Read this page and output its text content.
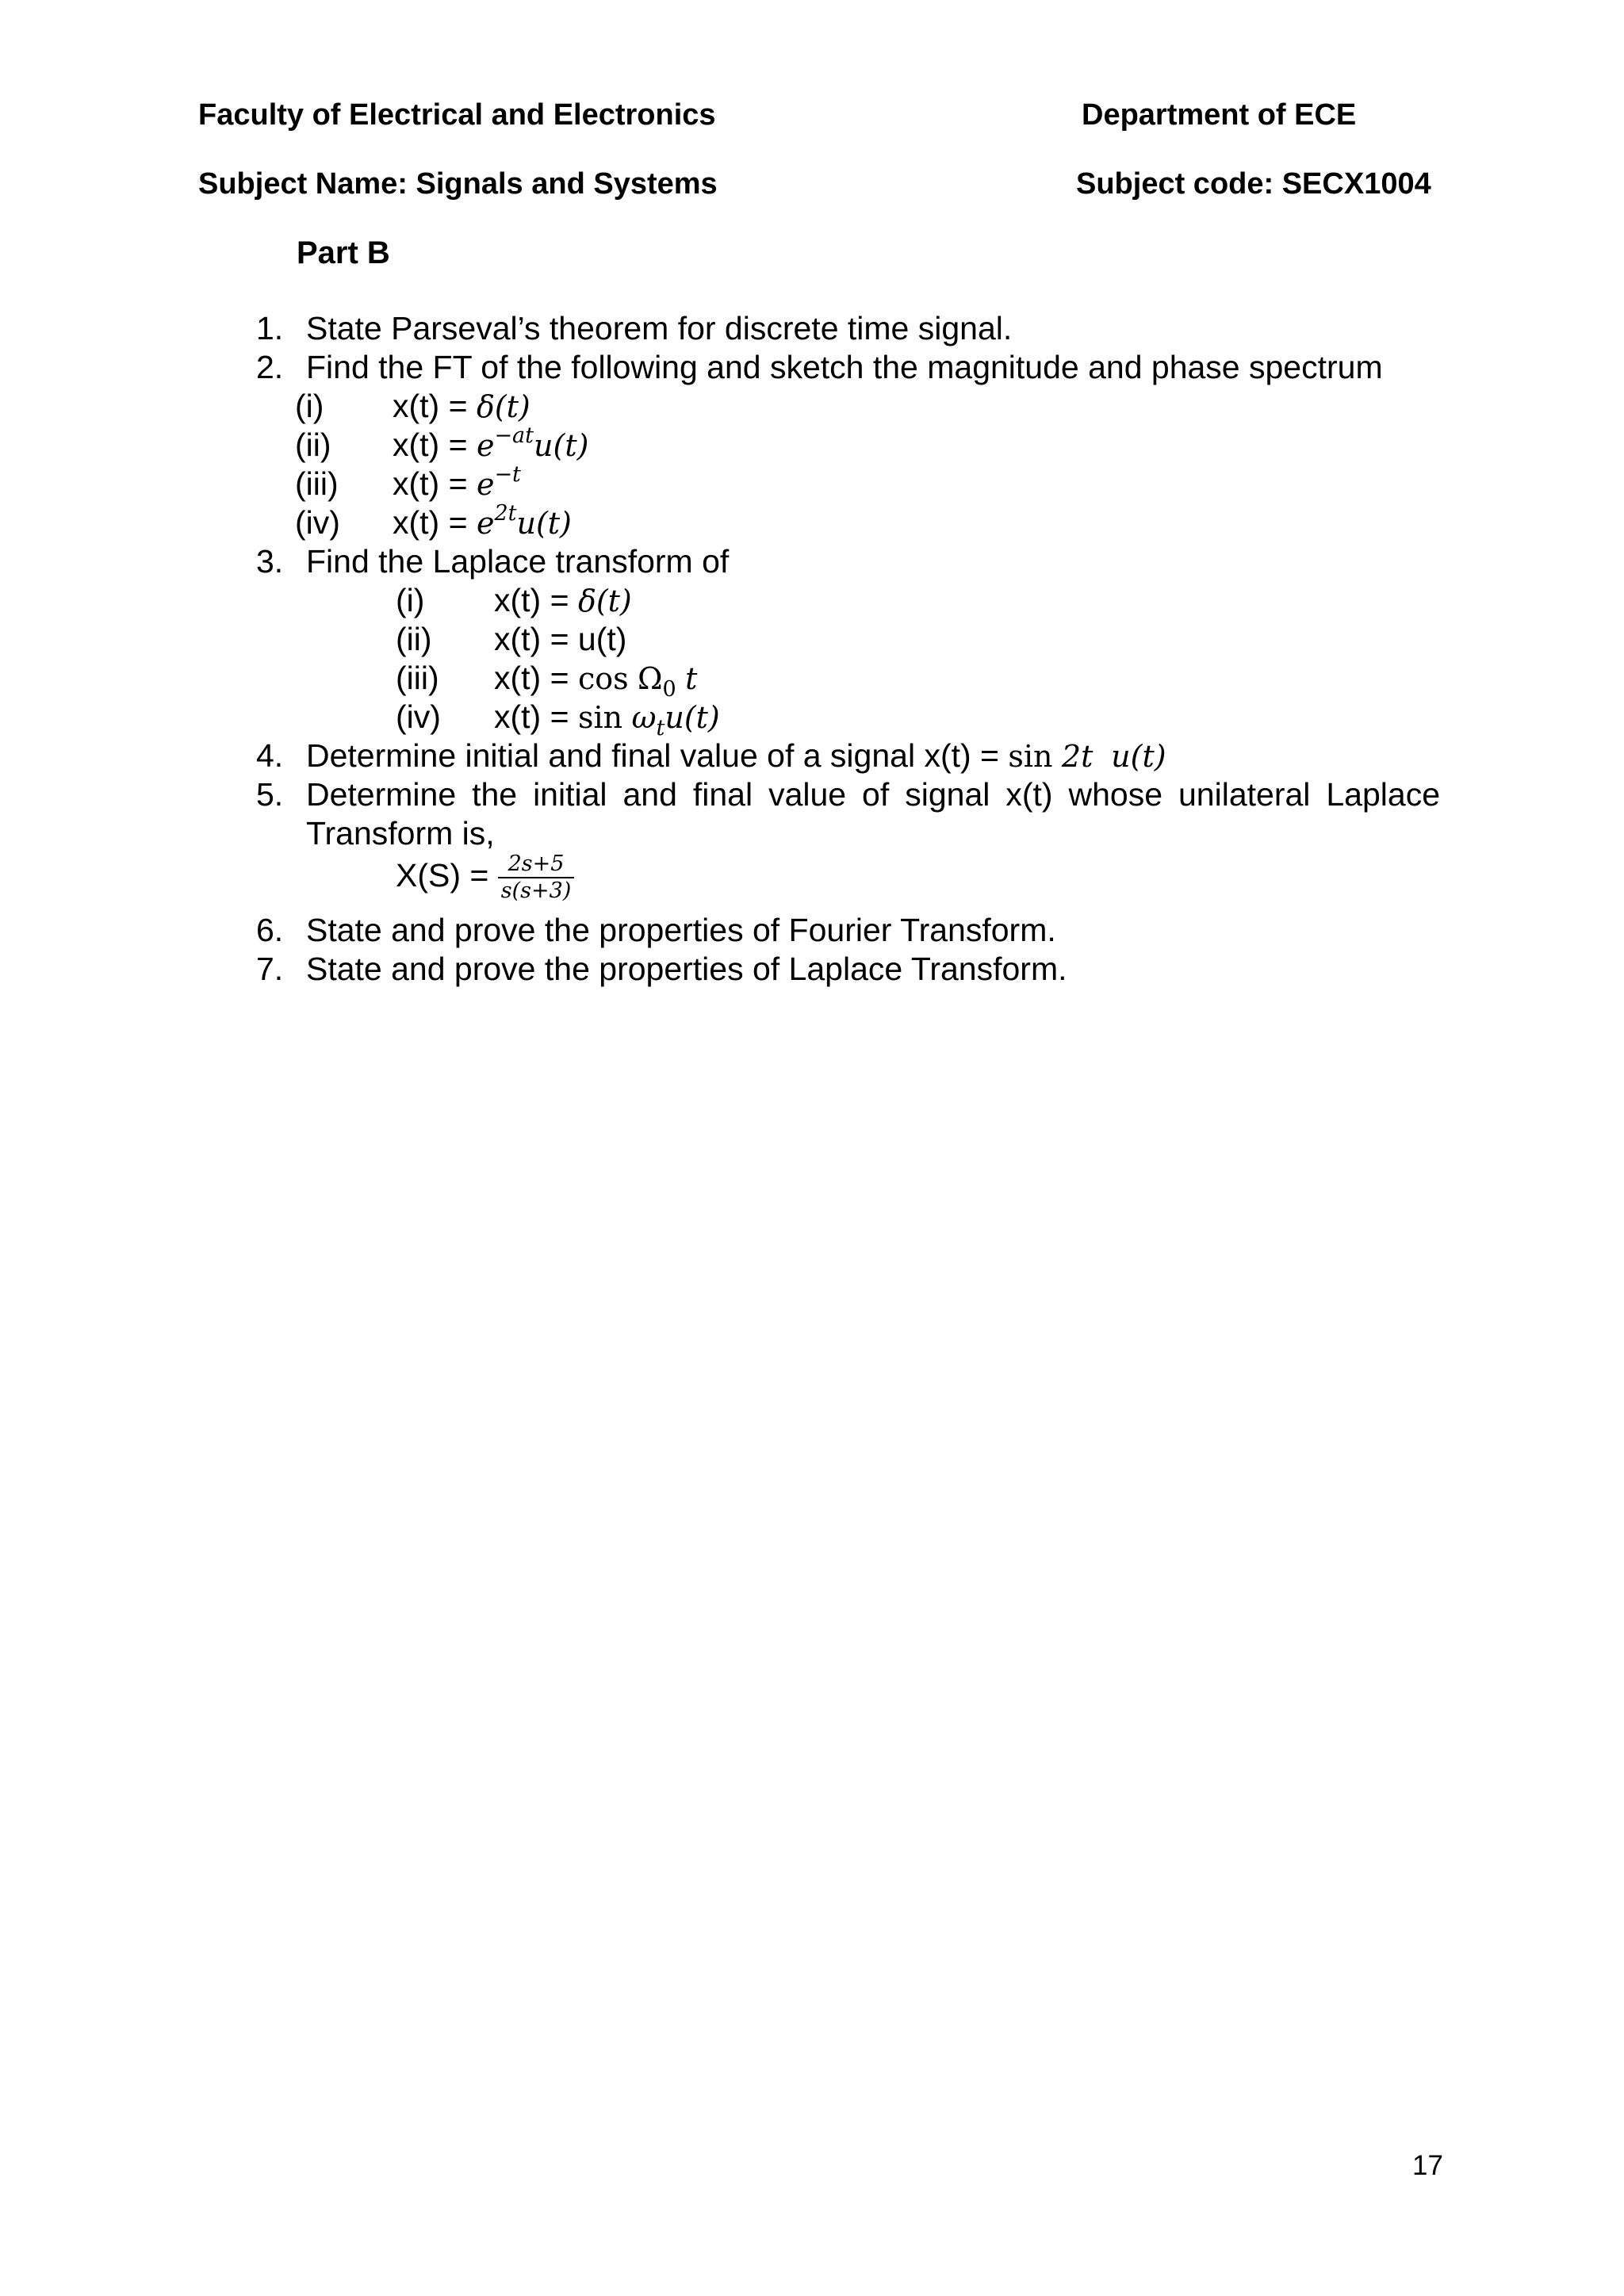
Faculty of Electrical and Electronics	Department of ECE
Subject Name: Signals and Systems	Subject code: SECX1004
Part B
1. State Parseval’s theorem for discrete time signal.
2. Find the FT of the following and sketch the magnitude and phase spectrum
(i) x(t) = δ(t)
(ii) $x(t) = e^{-at}u(t)$
(iii) $x(t) = e^{-t}$
(iv) $x(t) = e^{2t}u(t)$
3. Find the Laplace transform of
(i) x(t) = δ(t)
(ii) x(t) = u(t)
(iii) $x(t) = \cos \Omega_0$ t
(iv) $x(t) = \sin \omega_tu(t)$
4. Determine initial and final value of a signal x(t) = sin 2t u(t)
5. Determine the initial and final value of signal x(t) whose unilateral Laplace
Transform is,
$X(S) = \frac{2s+5}{s(s+3)}$
6. State and prove the properties of Fourier Transform.
7. State and prove the properties of Laplace Transform.
17
